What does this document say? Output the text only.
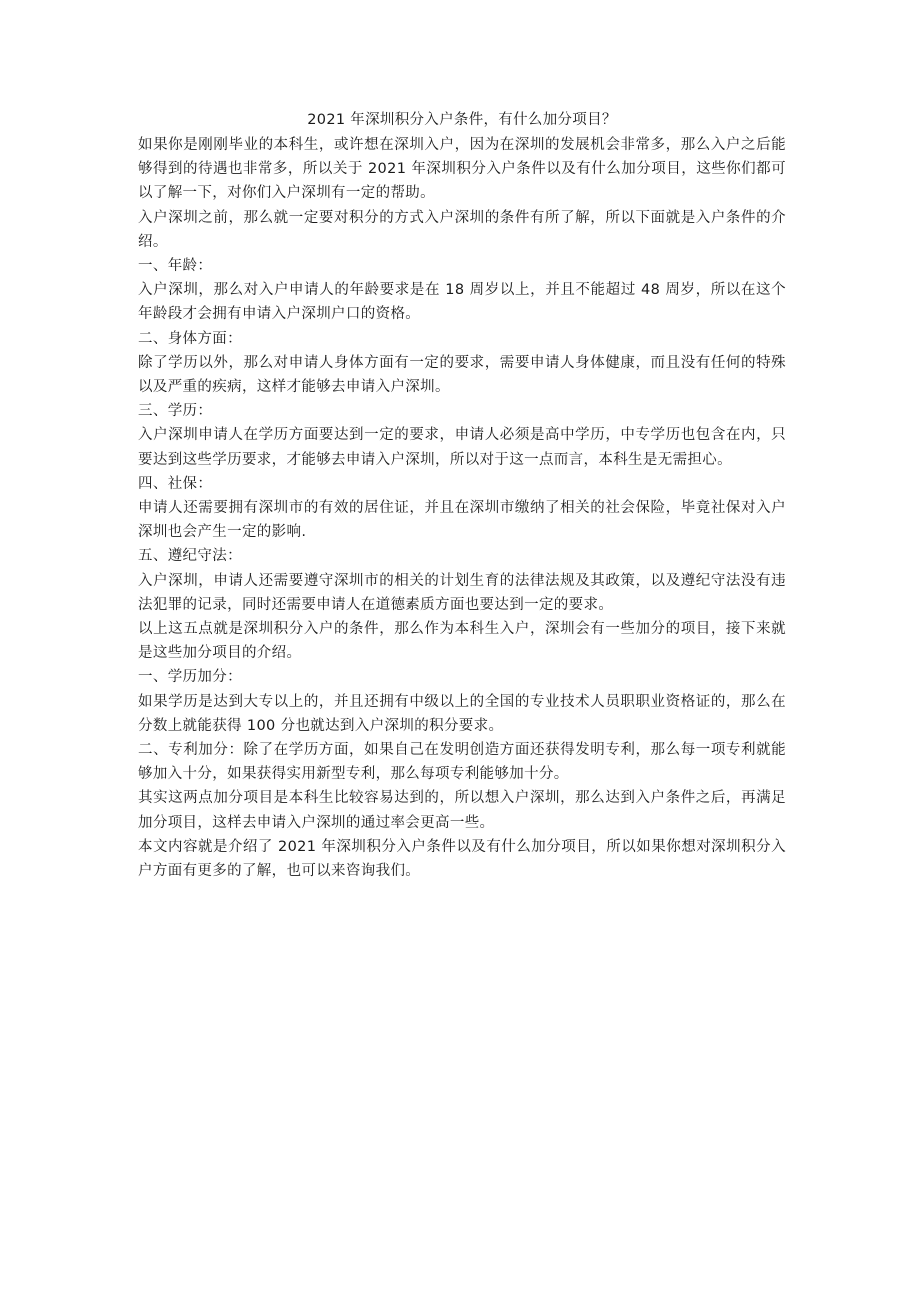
2021 年深圳积分入户条件，有什么加分项目？

如果你是刚刚毕业的本科生，或许想在深圳入户，因为在深圳的发展机会非常多，那么入户之后能够得到的待遇也非常多，所以关于 2021 年深圳积分入户条件以及有什么加分项目，这些你们都可以了解一下，对你们入户深圳有一定的帮助。

入户深圳之前，那么就一定要对积分的方式入户深圳的条件有所了解，所以下面就是入户条件的介绍。

一、年龄：

入户深圳，那么对入户申请人的年龄要求是在 18 周岁以上，并且不能超过 48 周岁，所以在这个年龄段才会拥有申请入户深圳户口的资格。

二、身体方面：

除了学历以外，那么对申请人身体方面有一定的要求，需要申请人身体健康，而且没有任何的特殊以及严重的疾病，这样才能够去申请入户深圳。

三、学历：

入户深圳申请人在学历方面要达到一定的要求，申请人必须是高中学历，中专学历也包含在内，只要达到这些学历要求，才能够去申请入户深圳，所以对于这一点而言，本科生是无需担心。

四、社保：

申请人还需要拥有深圳市的有效的居住证，并且在深圳市缴纳了相关的社会保险，毕竟社保对入户深圳也会产生一定的影响.

五、遵纪守法：

入户深圳，申请人还需要遵守深圳市的相关的计划生育的法律法规及其政策，以及遵纪守法没有违法犯罪的记录，同时还需要申请人在道德素质方面也要达到一定的要求。

以上这五点就是深圳积分入户的条件，那么作为本科生入户，深圳会有一些加分的项目，接下来就是这些加分项目的介绍。

一、学历加分：

如果学历是达到大专以上的，并且还拥有中级以上的全国的专业技术人员职职业资格证的，那么在分数上就能获得 100 分也就达到入户深圳的积分要求。

二、专利加分：除了在学历方面，如果自己在发明创造方面还获得发明专利，那么每一项专利就能够加入十分，如果获得实用新型专利，那么每项专利能够加十分。

其实这两点加分项目是本科生比较容易达到的，所以想入户深圳，那么达到入户条件之后，再满足加分项目，这样去申请入户深圳的通过率会更高一些。

本文内容就是介绍了 2021 年深圳积分入户条件以及有什么加分项目，所以如果你想对深圳积分入户方面有更多的了解，也可以来咨询我们。
